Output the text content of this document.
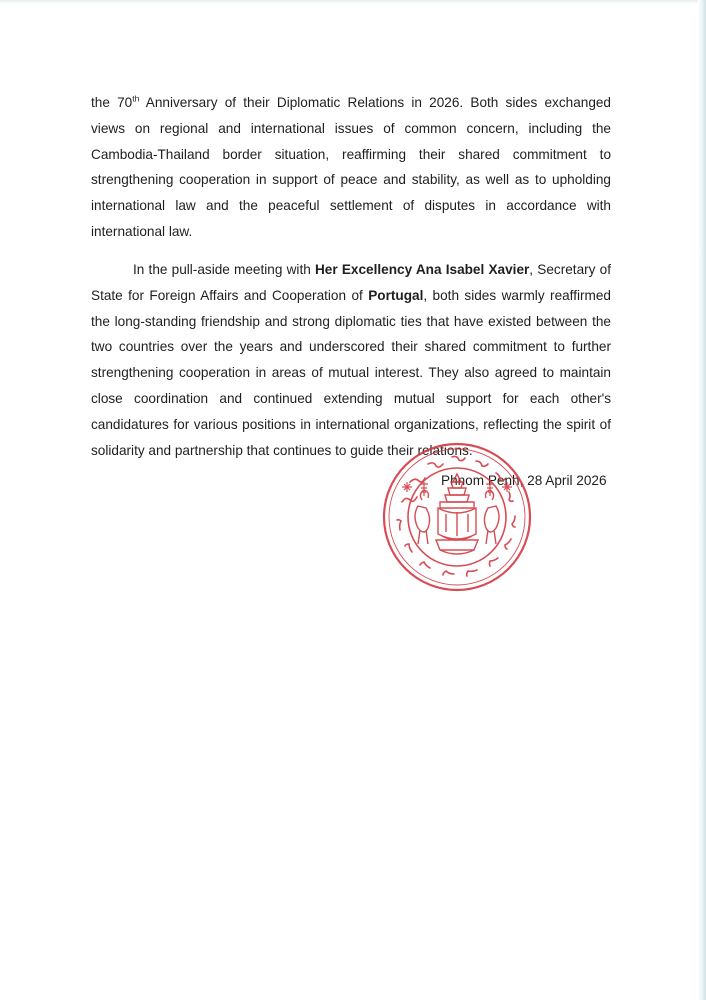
the 70th Anniversary of their Diplomatic Relations in 2026. Both sides exchanged views on regional and international issues of common concern, including the Cambodia-Thailand border situation, reaffirming their shared commitment to strengthening cooperation in support of peace and stability, as well as to upholding international law and the peaceful settlement of disputes in accordance with international law.

In the pull-aside meeting with Her Excellency Ana Isabel Xavier, Secretary of State for Foreign Affairs and Cooperation of Portugal, both sides warmly reaffirmed the long-standing friendship and strong diplomatic ties that have existed between the two countries over the years and underscored their shared commitment to further strengthening cooperation in areas of mutual interest. They also agreed to maintain close coordination and continued extending mutual support for each other's candidatures for various positions in international organizations, reflecting the spirit of solidarity and partnership that continues to guide their relations.

Phnom Penh, 28 April 2026
